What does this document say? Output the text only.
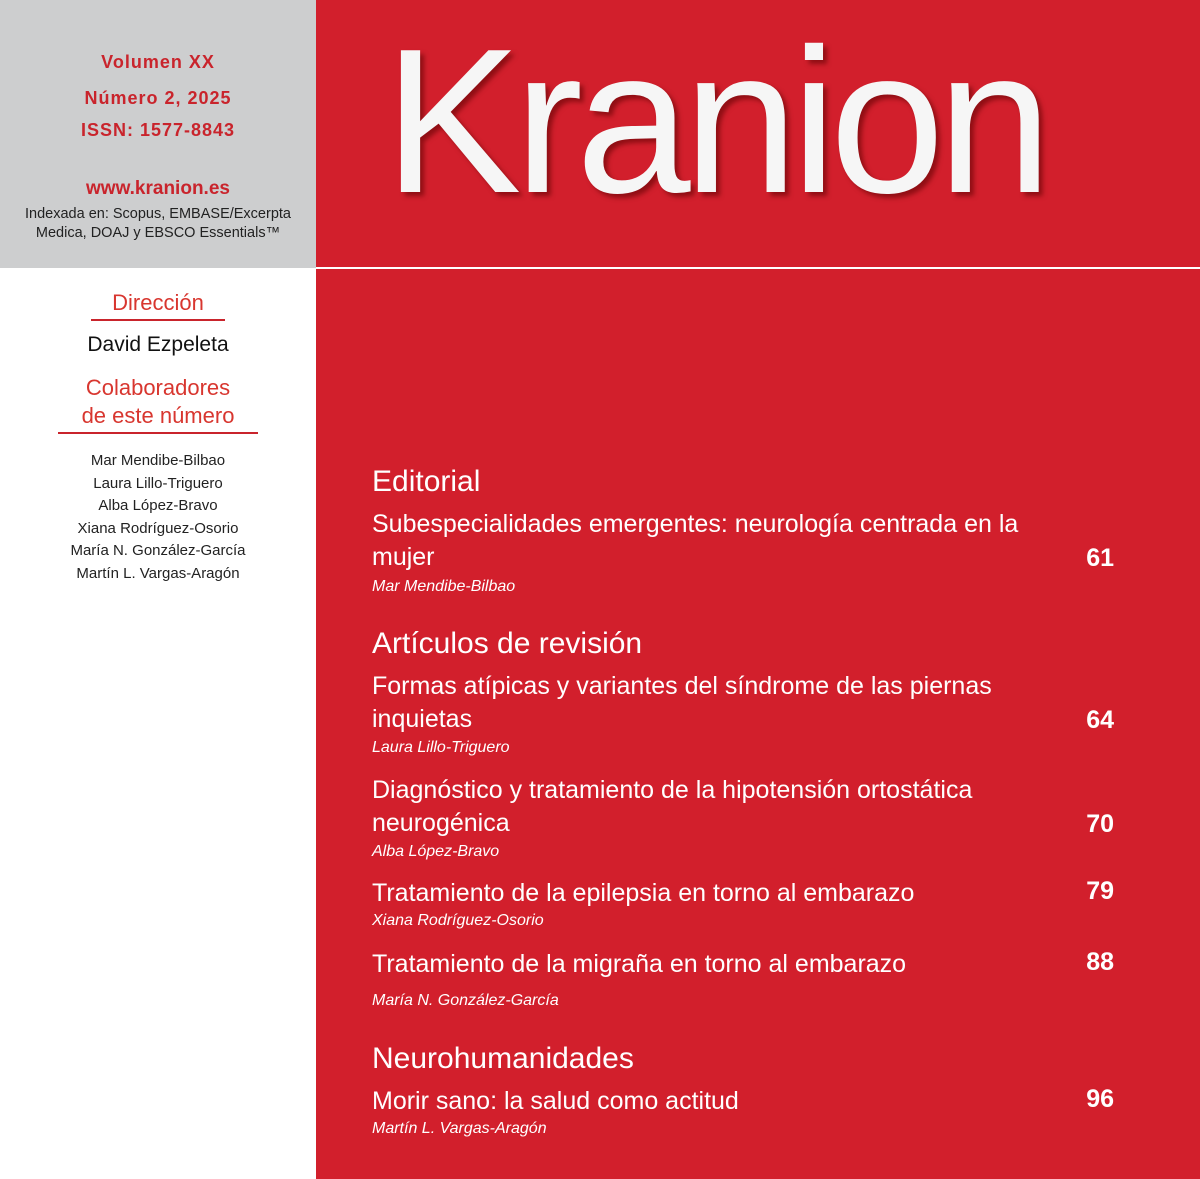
Volumen XX
Número 2, 2025
ISSN: 1577-8843
www.kranion.es
Indexada en: Scopus, EMBASE/Excerpta Medica, DOAJ y EBSCO Essentials™
Dirección
David Ezpeleta
Colaboradores
de este número
Mar Mendibe-Bilbao
Laura Lillo-Triguero
Alba López-Bravo
Xiana Rodríguez-Osorio
María N. González-García
Martín L. Vargas-Aragón
Kranion
Editorial
Subespecialidades emergentes: neurología centrada en la mujer	61
Mar Mendibe-Bilbao
Artículos de revisión
Formas atípicas y variantes del síndrome de las piernas inquietas	64
Laura Lillo-Triguero
Diagnóstico y tratamiento de la hipotensión ortostática neurogénica	70
Alba López-Bravo
Tratamiento de la epilepsia en torno al embarazo	79
Xiana Rodríguez-Osorio
Tratamiento de la migraña en torno al embarazo	88
María N. González-García
Neurohumanidades
Morir sano: la salud como actitud	96
Martín L. Vargas-Aragón
